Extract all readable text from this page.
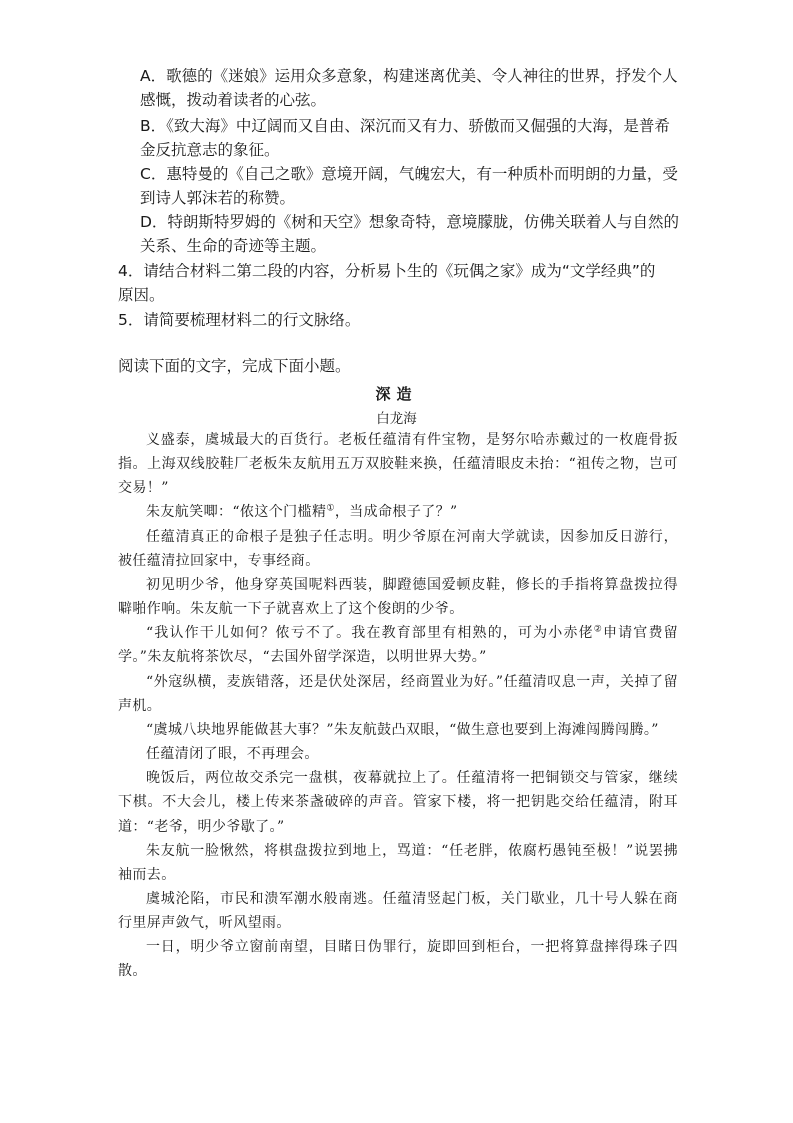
A．歌德的《迷娘》运用众多意象，构建迷离优美、令人神往的世界，抒发个人
感慨，拨动着读者的心弦。
B．《致大海》中辽阔而又自由、深沉而又有力、骄傲而又倔强的大海，是普希
金反抗意志的象征。
C．惠特曼的《自己之歌》意境开阔，气魄宏大，有一种质朴而明朗的力量，受
到诗人郭沫若的称赞。
D．特朗斯特罗姆的《树和天空》想象奇特，意境朦胧，仿佛关联着人与自然的
关系、生命的奇迹等主题。
4．请结合材料二第二段的内容，分析易卜生的《玩偶之家》成为“文学经典”的
原因。
5．请简要梳理材料二的行文脉络。
阅读下面的文字，完成下面小题。
深造
白龙海

义盛泰，虞城最大的百货行。老板任蕴清有件宝物，是努尔哈赤戴过的一枚鹿骨扳指。上海双线胶鞋厂老板朱友航用五万双胶鞋来换，任蕴清眼皮未抬：“祖传之物，岂可交易！”

朱友航笑唧：“侬这个门槛精①，当成命根子了？”

任蕴清真正的命根子是独子任志明。明少爷原在河南大学就读，因参加反日游行，被任蕴清拉回家中，专事经商。

初见明少爷，他身穿英国呢料西装，脚蹬德国爱顿皮鞋，修长的手指将算盘拨拉得噼啪作响。朱友航一下子就喜欢上了这个俊朗的少爷。

“我认作干儿如何？侬亏不了。我在教育部里有相熟的，可为小赤佬②申请官费留学。”朱友航将茶饮尽，“去国外留学深造，以明世界大势。”

“外寇纵横，麦族错落，还是伏处深居，经商置业为好。”任蕴清叹息一声，关掉了留声机。

“虞城八块地界能做甚大事？”朱友航鼓凸双眼，“做生意也要到上海滩闯腾闯腾。”

任蕴清闭了眼，不再理会。

晚饭后，两位故交杀完一盘棋，夜幕就拉上了。任蕴清将一把铜锁交与管家，继续下棋。不大会儿，楼上传来茶盏破碎的声音。管家下楼，将一把钥匙交给任蕴清，附耳道：“老爷，明少爷歇了。”

朱友航一脸愀然，将棋盘拨拉到地上，骂道：“任老胖，侬腐朽愚钝至极！”说罢拂袖而去。

虞城沦陷，市民和溃军潮水般南逃。任蕴清竖起门板，关门歇业，几十号人躲在商行里屏声敛气，听风望雨。

一日，明少爷立窗前南望，目睹日伪罪行，旋即回到柜台，一把将算盘摔得珠子四散。
